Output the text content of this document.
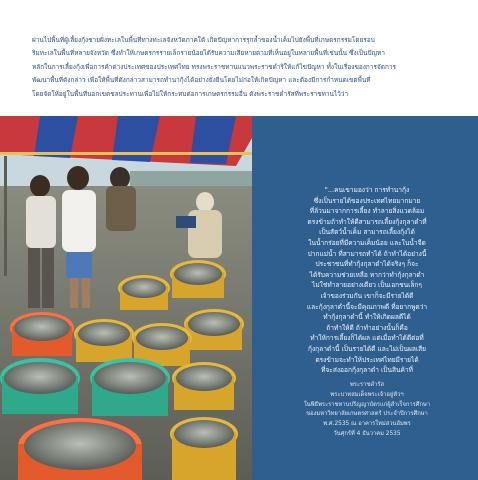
ผ่านไปพื้นที่ผู้เลี้ยงกุ้งชายฝั่งทะเลในพื้นที่ทางทะเลจังหวัดภาคใต้ เกิดปัญหาการรุกล้ำของน้ำเค็มไปยังพื้นที่เกษตรกรรมโดยรอบ

ริมทะเลในพื้นที่หลายจังหวัด ซึ่งทำให้เกษตรกรรายเล็กรายน้อยได้รับความเสียหายตามที่เห็นอยู่ในหลายพื้นที่เช่นนั้น ซึ่งเป็นปัญหา

หลักในการเลี้ยงกุ้งเพื่อการค้าต่างประเทศของประเทศไทย ทรงพระราชทานแนวพระราชดำริให้แก้ไขปัญหา ทั้งในเรื่องของการจัดการ

พัฒนาพื้นที่ดังกล่าว เพื่อให้พื้นที่ดังกล่าวสามารถทำนากุ้งได้อย่างยั่งยืนโดยไม่ก่อให้เกิดปัญหา และต้องมีการกำหนดเขตพื้นที่

โดยจัดให้อยู่ในพื้นที่นอกเขตชลประทานเพื่อไม่ให้กระทบต่อการเกษตรกรรมอื่น ดังพระราชดำรัสที่พระราชทานไว้ว่า

"...คนเขามองว่า การทำนากุ้ง
ซึ่งเป็นรายได้ของประเทศไทยมากมาย
ที่ล้วนมาจากการเลี้ยง ทำลายสิ่งแวดล้อม
ตรงข้ามถ้าทำให้ดีสามารถเลี้ยงกุ้งกุลาดำที่
เป็นสัตว์น้ำเค็ม สามารถเลี้ยงกุ้งได้
ในน้ำกร่อยที่มีความเค็มน้อย และในน้ำจืด
ปากแม่น้ำ ที่สามารถทำได้ ถ้าทำได้อย่างนี้
ประชาชนที่ทำกุ้งกุลาดำได้จริงๆ ก็จะ
ได้รับความช่วยเหลือ หากว่าทำกุ้งกุลาดำ
ไม่ใช่ทำลายอย่างเดียว เป็นเอกชนเล็กๆ
เจ้าของร่วมกัน เขาก็จะมีรายได้ดี
และกุ้งกุลาดำนี้จะมีคุณภาพดี ที่อยากพูดว่า
ทำกุ้งกุลาดำนี้ ทำให้เกิดผลดีได้
ถ้าทำให้ดี ถ้าทำอย่างนั้นก็คือ
ทำให้การเลี้ยงก็ได้ผล แต่เมื่อทำได้ดีต่อที่
กุ้งกุลาดำนี้ เป็นรายได้ดี และไม่เป็นผลเสีย
ตรงข้ามจะทำให้ประเทศไทยมีรายได้
ที่จะส่งออกกุ้งกุลาดำ เป็นสินค้าที่

พระราชดำรัส

พระบาทสมเด็จพระเจ้าอยู่หัวฯ

ในพิธีพระราชทานปริญญาบัตรแก่ผู้สำเร็จการศึกษา

ของมหาวิทยาลัยเกษตรศาสตร์ ประจำปีการศึกษา

พ.ศ.2535 ณ อาคารใหม่สวนอัมพร

วันศุกร์ที่ 4 ธันวาคม 2535
